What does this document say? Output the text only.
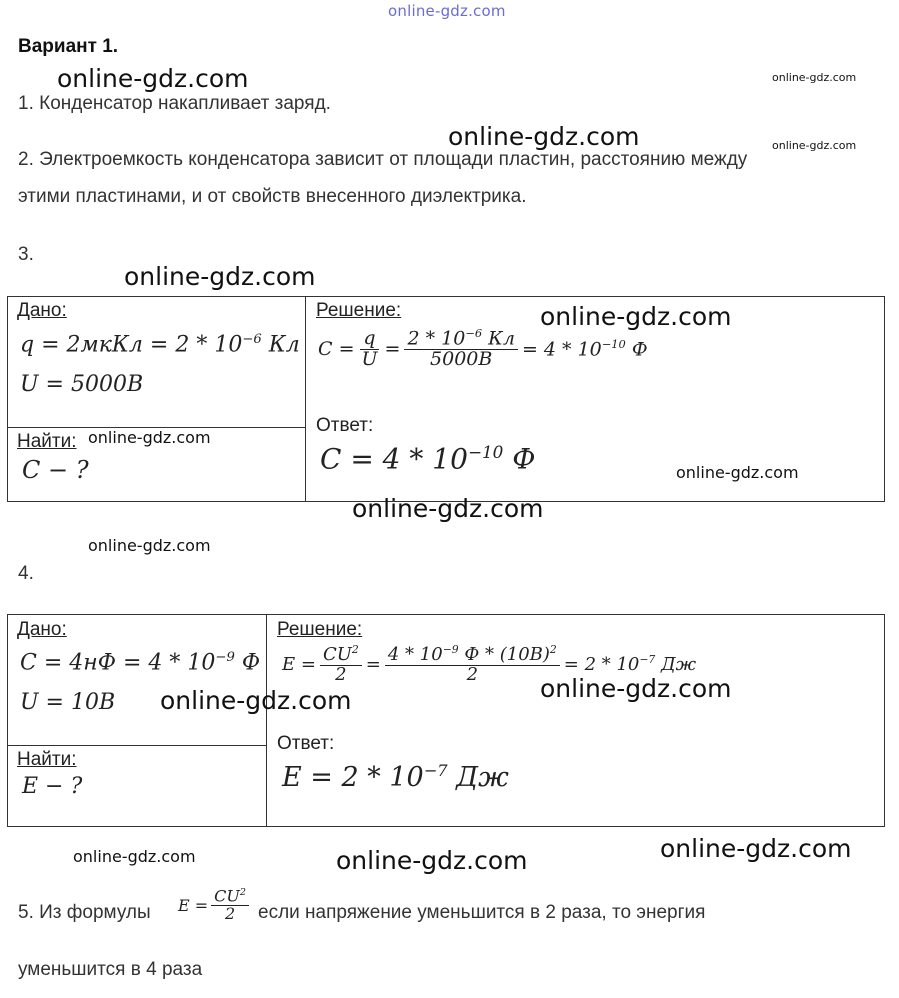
online-gdz.com
Вариант 1.
online-gdz.com	online-gdz.com
1. Конденсатор накапливает заряд.
online-gdz.com	online-gdz.com
2. Электроемкость конденсатора зависит от площади пластин, расстоянию между
этими пластинами, и от свойств внесенного диэлектрика.
3.
online-gdz.com
Дано:
q = 2мкКл = $2 * 10^{-6}$ Кл
U = 5000B
Найти: online-gdz.com
C − ?
Решение:	online-gdz.com
$C = \frac{q}{U} = \frac{2 * 10^{-6} Кл}{5000B} = 4 * 10^{-10}$ Ф
Ответ:
$C = 4 * 10^{-10}$ Ф	online-gdz.com
online-gdz.com
online-gdz.com
4.
Дано:
$C = 4нФ = 4 * 10^{-9}$ Ф
U = 10B online-gdz.com
Найти:
E − ?
Решение:
$E = \frac{CU^2}{2} = \frac{4 * 10^{-9} Ф * (10B)^2}{2} = 2 * 10^{-7}$ Дж
online-gdz.com
Ответ:
$E = 2 * 10^{-7}$ Дж
online-gdz.com	online-gdz.com	online-gdz.com
5. Из формулы $E = \frac{CU^2}{2}$ если напряжение уменьшится в 2 раза, то энергия
уменьшится в 4 раза
